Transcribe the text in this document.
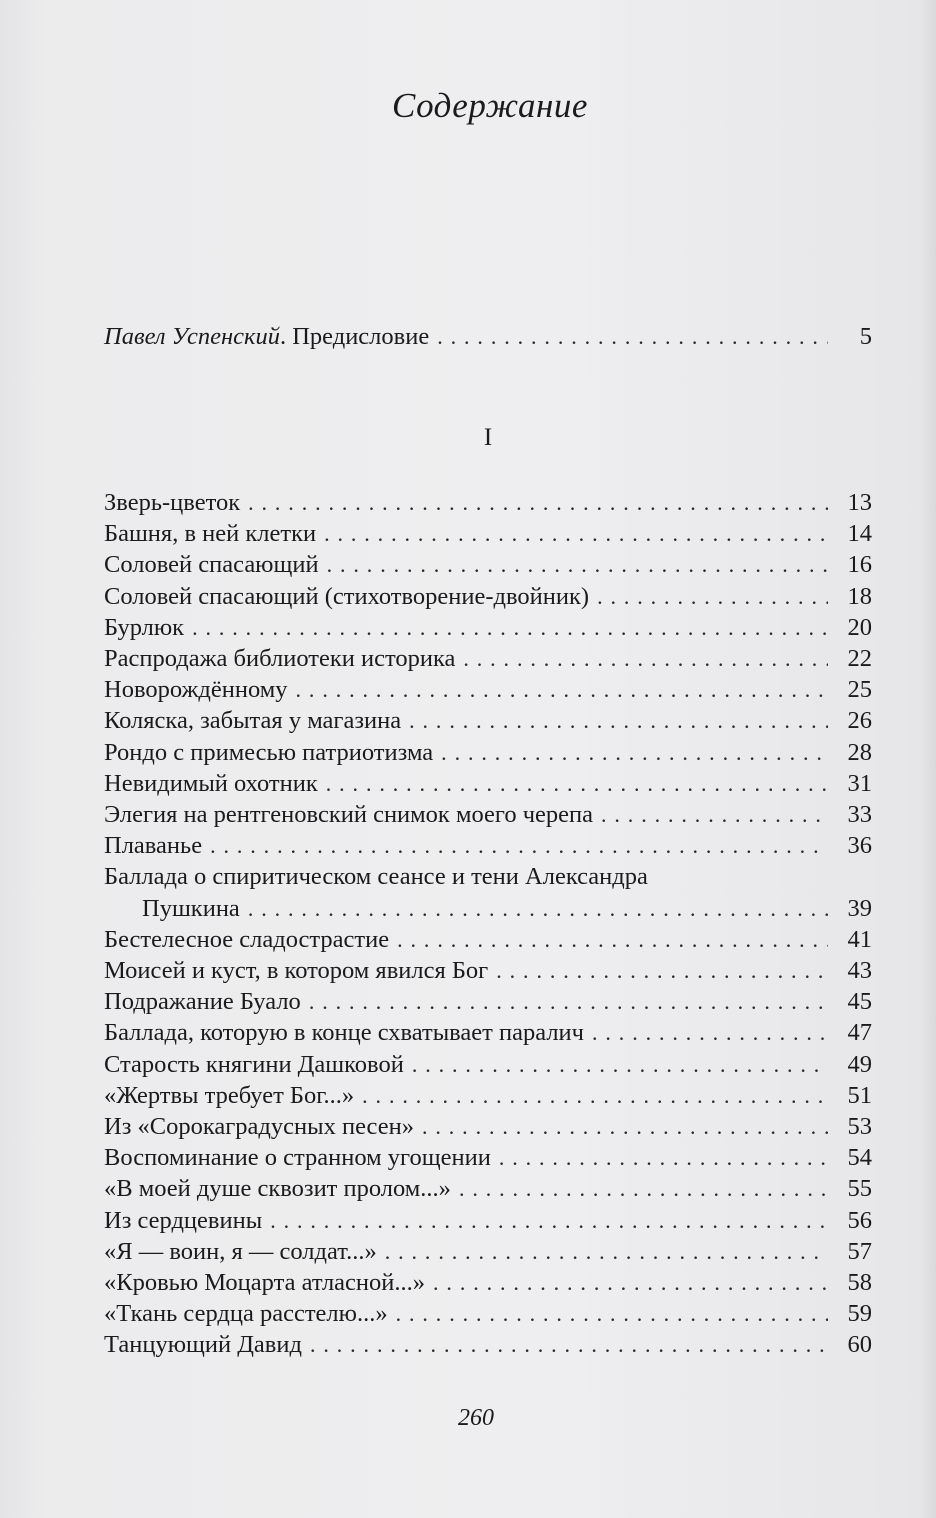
Содержание
Павел Успенский. Предисловие . . .	5
I
Зверь-цветок . . .	13
Башня, в ней клетки . . .	14
Соловей спасающий . . .	16
Соловей спасающий (стихотворение-двойник) . . .	18
Бурлюк . . .	20
Распродажа библиотеки историка . . .	22
Новорождённому . . .	25
Коляска, забытая у магазина . . .	26
Рондо с примесью патриотизма . . .	28
Невидимый охотник . . .	31
Элегия на рентгеновский снимок моего черепа . . .	33
Плаванье . . .	36
Баллада о спиритическом сеансе и тени Александра
Пушкина . . .	39
Бестелесное сладострастие . . .	41
Моисей и куст, в котором явился Бог . . .	43
Подражание Буало . . .	45
Баллада, которую в конце схватывает паралич . . .	47
Старость княгини Дашковой . . .	49
«Жертвы требует Бог...» . . .	51
Из «Сорокаградусных песен» . . .	53
Воспоминание о странном угощении . . .	54
«В моей душе сквозит пролом...» . . .	55
Из сердцевины . . .	56
«Я — воин, я — солдат...» . . .	57
«Кровью Моцарта атласной...» . . .	58
«Ткань сердца расстелю...» . . .	59
Танцующий Давид . . .	60
260
